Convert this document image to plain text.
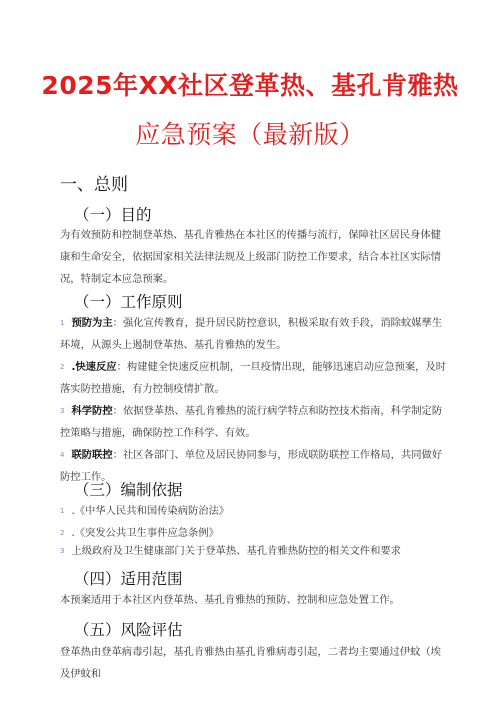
2025年XX社区登革热、基孔肯雅热
应急预案（最新版）
一、总则
（一）目的

为有效预防和控制登革热、基孔肯雅热在本社区的传播与流行，保障社区居民身体健康和生命安全，依据国家相关法律法规及上级部门防控工作要求，结合本社区实际情况，特制定本应急预案。

（一）工作原则
1 预防为主：强化宣传教育，提升居民防控意识，积极采取有效手段，消除蚊媒孳生环境，从源头上遏制登革热、基孔肯雅热的发生。
2 .快速反应：构建健全快速反应机制，一旦疫情出现，能够迅速启动应急预案，及时落实防控措施，有力控制疫情扩散。
3 科学防控：依据登革热、基孔肯雅热的流行病学特点和防控技术指南，科学制定防控策略与措施，确保防控工作科学、有效。
4 联防联控：社区各部门、单位及居民协同参与，形成联防联控工作格局，共同做好防控工作。
（三）编制依据
1 .《中华人民共和国传染病防治法》
2 .《突发公共卫生事件应急条例》
3 上级政府及卫生健康部门关于登革热、基孔肯雅热防控的相关文件和要求
（四）适用范围

本预案适用于本社区内登革热、基孔肯雅热的预防、控制和应急处置工作。

（五）风险评估

登革热由登革病毒引起，基孔肯雅热由基孔肯雅病毒引起，二者均主要通过伊蚊（埃及伊蚊和
